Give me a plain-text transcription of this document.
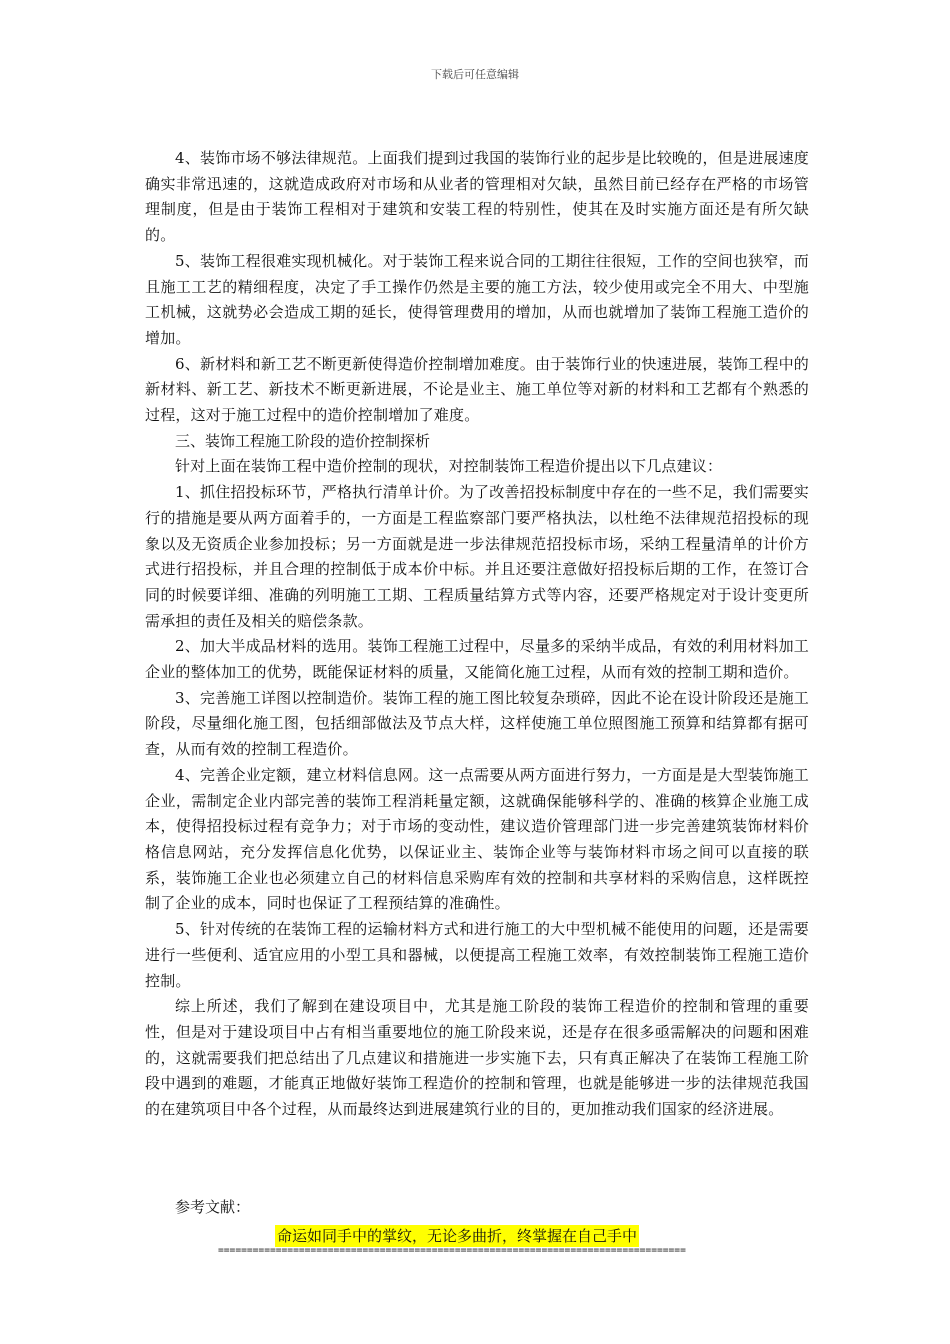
下载后可任意编辑

4、装饰市场不够法律规范。上面我们提到过我国的装饰行业的起步是比较晚的，但是进展速度确实非常迅速的，这就造成政府对市场和从业者的管理相对欠缺，虽然目前已经存在严格的市场管理制度，但是由于装饰工程相对于建筑和安装工程的特别性，使其在及时实施方面还是有所欠缺的。

5、装饰工程很难实现机械化。对于装饰工程来说合同的工期往往很短，工作的空间也狭窄，而且施工工艺的精细程度，决定了手工操作仍然是主要的施工方法，较少使用或完全不用大、中型施工机械，这就势必会造成工期的延长，使得管理费用的增加，从而也就增加了装饰工程施工造价的增加。

6、新材料和新工艺不断更新使得造价控制增加难度。由于装饰行业的快速进展，装饰工程中的新材料、新工艺、新技术不断更新进展，不论是业主、施工单位等对新的材料和工艺都有个熟悉的过程，这对于施工过程中的造价控制增加了难度。

三、装饰工程施工阶段的造价控制探析

针对上面在装饰工程中造价控制的现状，对控制装饰工程造价提出以下几点建议：

1、抓住招投标环节，严格执行清单计价。为了改善招投标制度中存在的一些不足，我们需要实行的措施是要从两方面着手的，一方面是工程监察部门要严格执法，以杜绝不法律规范招投标的现象以及无资质企业参加投标；另一方面就是进一步法律规范招投标市场，采纳工程量清单的计价方式进行招投标，并且合理的控制低于成本价中标。并且还要注意做好招投标后期的工作，在签订合同的时候要详细、准确的列明施工工期、工程质量结算方式等内容，还要严格规定对于设计变更所需承担的责任及相关的赔偿条款。

2、加大半成品材料的选用。装饰工程施工过程中，尽量多的采纳半成品，有效的利用材料加工企业的整体加工的优势，既能保证材料的质量，又能简化施工过程，从而有效的控制工期和造价。

3、完善施工详图以控制造价。装饰工程的施工图比较复杂琐碎，因此不论在设计阶段还是施工阶段，尽量细化施工图，包括细部做法及节点大样，这样使施工单位照图施工预算和结算都有据可查，从而有效的控制工程造价。

4、完善企业定额，建立材料信息网。这一点需要从两方面进行努力，一方面是是大型装饰施工企业，需制定企业内部完善的装饰工程消耗量定额，这就确保能够科学的、准确的核算企业施工成本，使得招投标过程有竞争力；对于市场的变动性，建议造价管理部门进一步完善建筑装饰材料价格信息网站，充分发挥信息化优势，以保证业主、装饰企业等与装饰材料市场之间可以直接的联系，装饰施工企业也必须建立自己的材料信息采购库有效的控制和共享材料的采购信息，这样既控制了企业的成本，同时也保证了工程预结算的准确性。

5、针对传统的在装饰工程的运输材料方式和进行施工的大中型机械不能使用的问题，还是需要进行一些便利、适宜应用的小型工具和器械，以便提高工程施工效率，有效控制装饰工程施工造价控制。

综上所述，我们了解到在建设项目中，尤其是施工阶段的装饰工程造价的控制和管理的重要性，但是对于建设项目中占有相当重要地位的施工阶段来说，还是存在很多亟需解决的问题和困难的，这就需要我们把总结出了几点建议和措施进一步实施下去，只有真正解决了在装饰工程施工阶段中遇到的难题，才能真正地做好装饰工程造价的控制和管理，也就是能够进一步的法律规范我国的在建筑项目中各个过程，从而最终达到进展建筑行业的目的，更加推动我们国家的经济进展。

参考文献：
命运如同手中的掌纹，无论多曲折，终掌握在自己手中
=================================================================================
